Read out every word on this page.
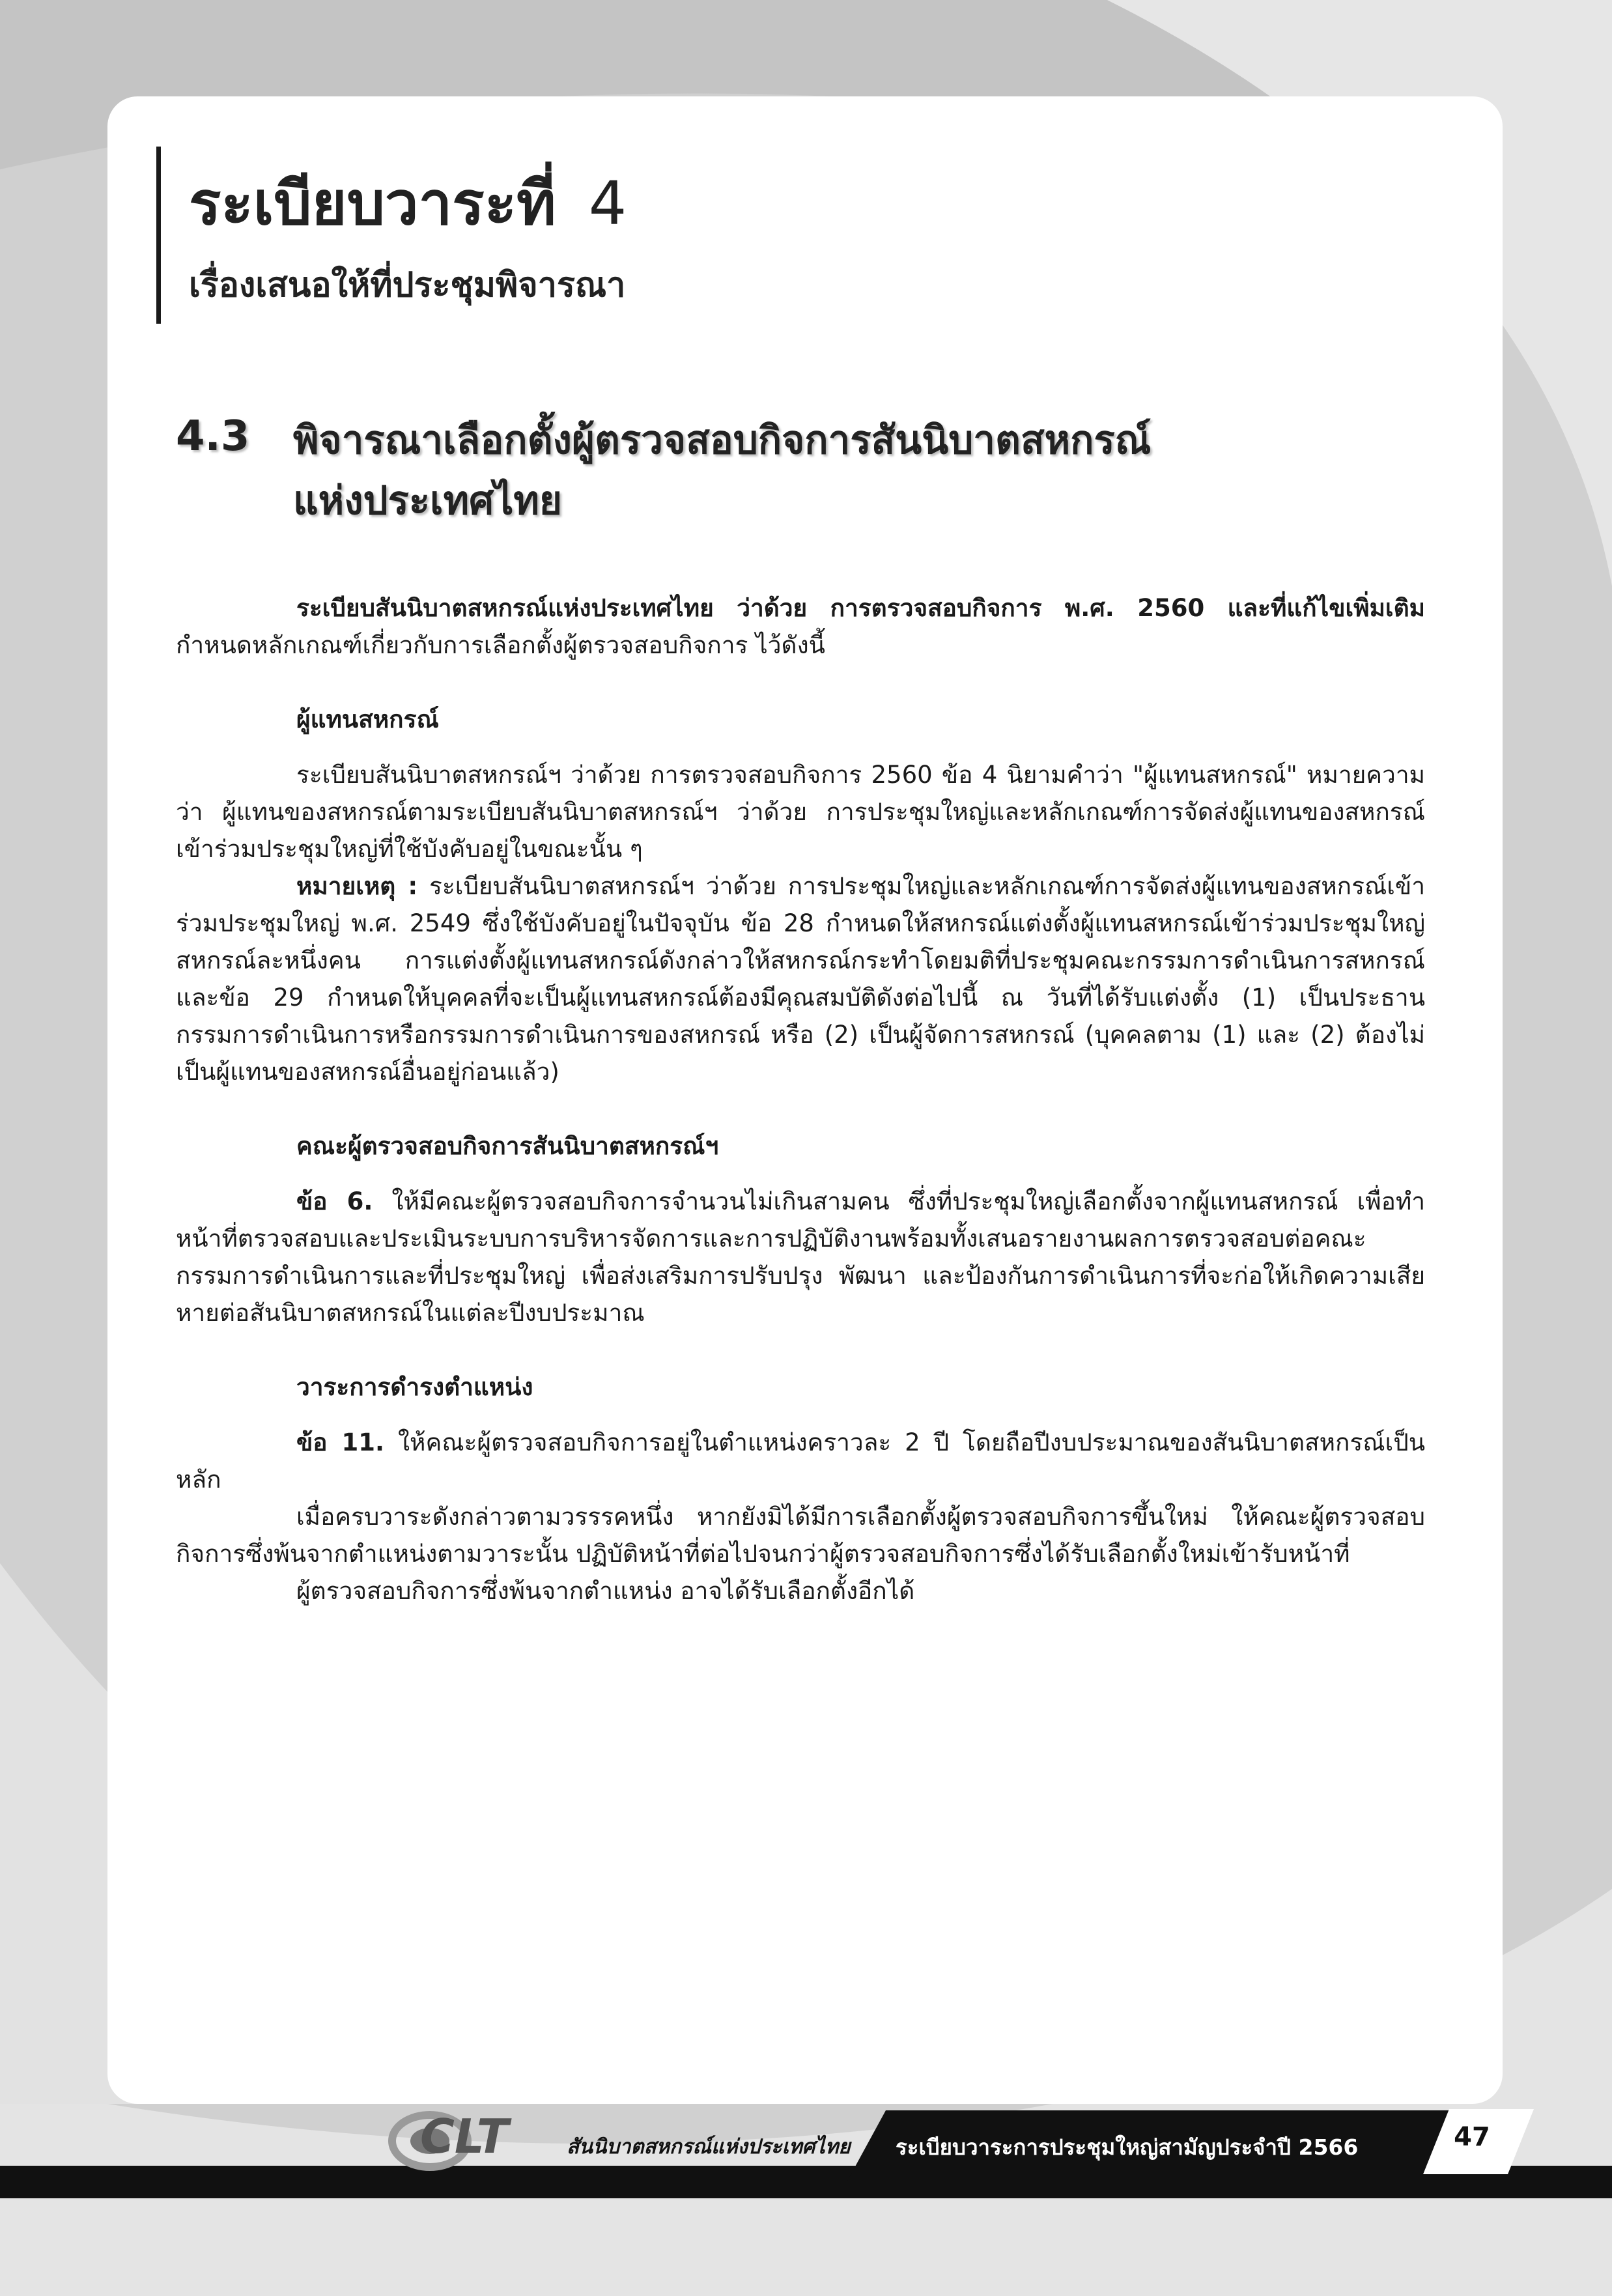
ระเบียบวาระที่ 4
เรื่องเสนอให้ที่ประชุมพิจารณา
4.3 พิจารณาเลือกตั้งผู้ตรวจสอบกิจการสันนิบาตสหกรณ์
แห่งประเทศไทย

ระเบียบสันนิบาตสหกรณ์แห่งประเทศไทย ว่าด้วย การตรวจสอบกิจการ พ.ศ. 2560 และที่แก้ไขเพิ่มเติม กำหนดหลักเกณฑ์เกี่ยวกับการเลือกตั้งผู้ตรวจสอบกิจการ ไว้ดังนี้

ผู้แทนสหกรณ์

ระเบียบสันนิบาตสหกรณ์ฯ ว่าด้วย การตรวจสอบกิจการ 2560 ข้อ 4 นิยามคำว่า "ผู้แทนสหกรณ์" หมายความว่า ผู้แทนของสหกรณ์ตามระเบียบสันนิบาตสหกรณ์ฯ ว่าด้วย การประชุมใหญ่และหลักเกณฑ์การจัดส่งผู้แทนของสหกรณ์เข้าร่วมประชุมใหญ่ที่ใช้บังคับอยู่ในขณะนั้น ๆ

หมายเหตุ : ระเบียบสันนิบาตสหกรณ์ฯ ว่าด้วย การประชุมใหญ่และหลักเกณฑ์การจัดส่งผู้แทนของสหกรณ์เข้าร่วมประชุมใหญ่ พ.ศ. 2549 ซึ่งใช้บังคับอยู่ในปัจจุบัน ข้อ 28 กำหนดให้สหกรณ์แต่งตั้งผู้แทนสหกรณ์เข้าร่วมประชุมใหญ่สหกรณ์ละหนึ่งคน การแต่งตั้งผู้แทนสหกรณ์ดังกล่าวให้สหกรณ์กระทำโดยมติที่ประชุมคณะกรรมการดำเนินการสหกรณ์ และข้อ 29 กำหนดให้บุคคลที่จะเป็นผู้แทนสหกรณ์ต้องมีคุณสมบัติดังต่อไปนี้ ณ วันที่ได้รับแต่งตั้ง (1) เป็นประธานกรรมการดำเนินการหรือกรรมการดำเนินการของสหกรณ์ หรือ (2) เป็นผู้จัดการสหกรณ์ (บุคคลตาม (1) และ (2) ต้องไม่เป็นผู้แทนของสหกรณ์อื่นอยู่ก่อนแล้ว)

คณะผู้ตรวจสอบกิจการสันนิบาตสหกรณ์ฯ

ข้อ 6. ให้มีคณะผู้ตรวจสอบกิจการจำนวนไม่เกินสามคน ซึ่งที่ประชุมใหญ่เลือกตั้งจากผู้แทนสหกรณ์ เพื่อทำหน้าที่ตรวจสอบและประเมินระบบการบริหารจัดการและการปฏิบัติงานพร้อมทั้งเสนอรายงานผลการตรวจสอบต่อคณะกรรมการดำเนินการและที่ประชุมใหญ่ เพื่อส่งเสริมการปรับปรุง พัฒนา และป้องกันการดำเนินการที่จะก่อให้เกิดความเสียหายต่อสันนิบาตสหกรณ์ในแต่ละปีงบประมาณ

วาระการดำรงตำแหน่ง

ข้อ 11. ให้คณะผู้ตรวจสอบกิจการอยู่ในตำแหน่งคราวละ 2 ปี โดยถือปีงบประมาณของสันนิบาตสหกรณ์เป็นหลัก

เมื่อครบวาระดังกล่าวตามวรรรคหนึ่ง หากยังมิได้มีการเลือกตั้งผู้ตรวจสอบกิจการขึ้นใหม่ ให้คณะผู้ตรวจสอบกิจการซึ่งพ้นจากตำแหน่งตามวาระนั้น ปฏิบัติหน้าที่ต่อไปจนกว่าผู้ตรวจสอบกิจการซึ่งได้รับเลือกตั้งใหม่เข้ารับหน้าที่

ผู้ตรวจสอบกิจการซึ่งพ้นจากตำแหน่ง อาจได้รับเลือกตั้งอีกได้

CLT	สันนิบาตสหกรณ์แห่งประเทศไทย ระเบียบวาระการประชุมใหญ่สามัญประจำปี 2566	47
